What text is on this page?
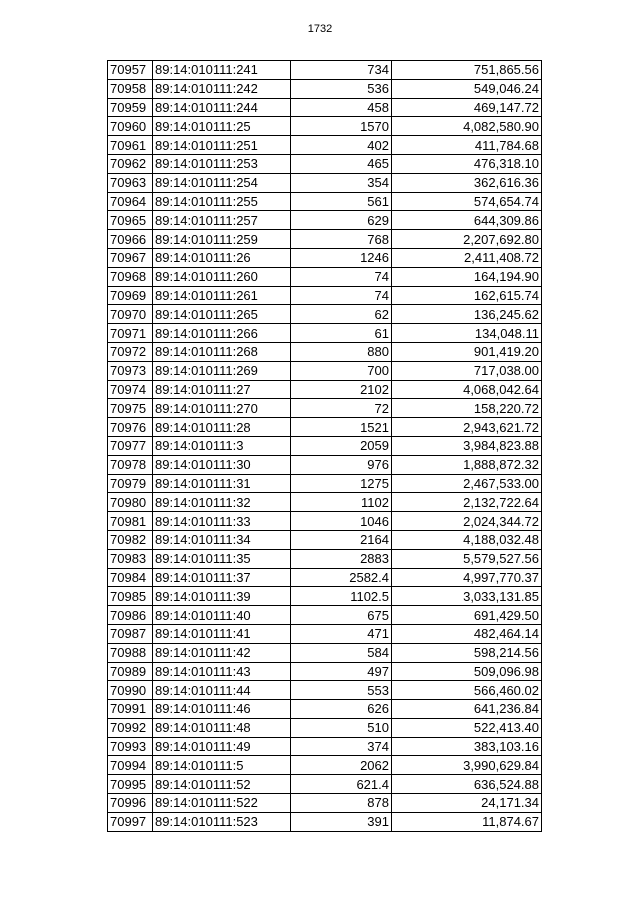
1732
70957	89:14:010111:241	734	751,865.56
70958	89:14:010111:242	536	549,046.24
70959	89:14:010111:244	458	469,147.72
70960	89:14:010111:25	1570	4,082,580.90
70961	89:14:010111:251	402	411,784.68
70962	89:14:010111:253	465	476,318.10
70963	89:14:010111:254	354	362,616.36
70964	89:14:010111:255	561	574,654.74
70965	89:14:010111:257	629	644,309.86
70966	89:14:010111:259	768	2,207,692.80
70967	89:14:010111:26	1246	2,411,408.72
70968	89:14:010111:260	74	164,194.90
70969	89:14:010111:261	74	162,615.74
70970	89:14:010111:265	62	136,245.62
70971	89:14:010111:266	61	134,048.11
70972	89:14:010111:268	880	901,419.20
70973	89:14:010111:269	700	717,038.00
70974	89:14:010111:27	2102	4,068,042.64
70975	89:14:010111:270	72	158,220.72
70976	89:14:010111:28	1521	2,943,621.72
70977	89:14:010111:3	2059	3,984,823.88
70978	89:14:010111:30	976	1,888,872.32
70979	89:14:010111:31	1275	2,467,533.00
70980	89:14:010111:32	1102	2,132,722.64
70981	89:14:010111:33	1046	2,024,344.72
70982	89:14:010111:34	2164	4,188,032.48
70983	89:14:010111:35	2883	5,579,527.56
70984	89:14:010111:37	2582.4	4,997,770.37
70985	89:14:010111:39	1102.5	3,033,131.85
70986	89:14:010111:40	675	691,429.50
70987	89:14:010111:41	471	482,464.14
70988	89:14:010111:42	584	598,214.56
70989	89:14:010111:43	497	509,096.98
70990	89:14:010111:44	553	566,460.02
70991	89:14:010111:46	626	641,236.84
70992	89:14:010111:48	510	522,413.40
70993	89:14:010111:49	374	383,103.16
70994	89:14:010111:5	2062	3,990,629.84
70995	89:14:010111:52	621.4	636,524.88
70996	89:14:010111:522	878	24,171.34
70997	89:14:010111:523	391	11,874.67
